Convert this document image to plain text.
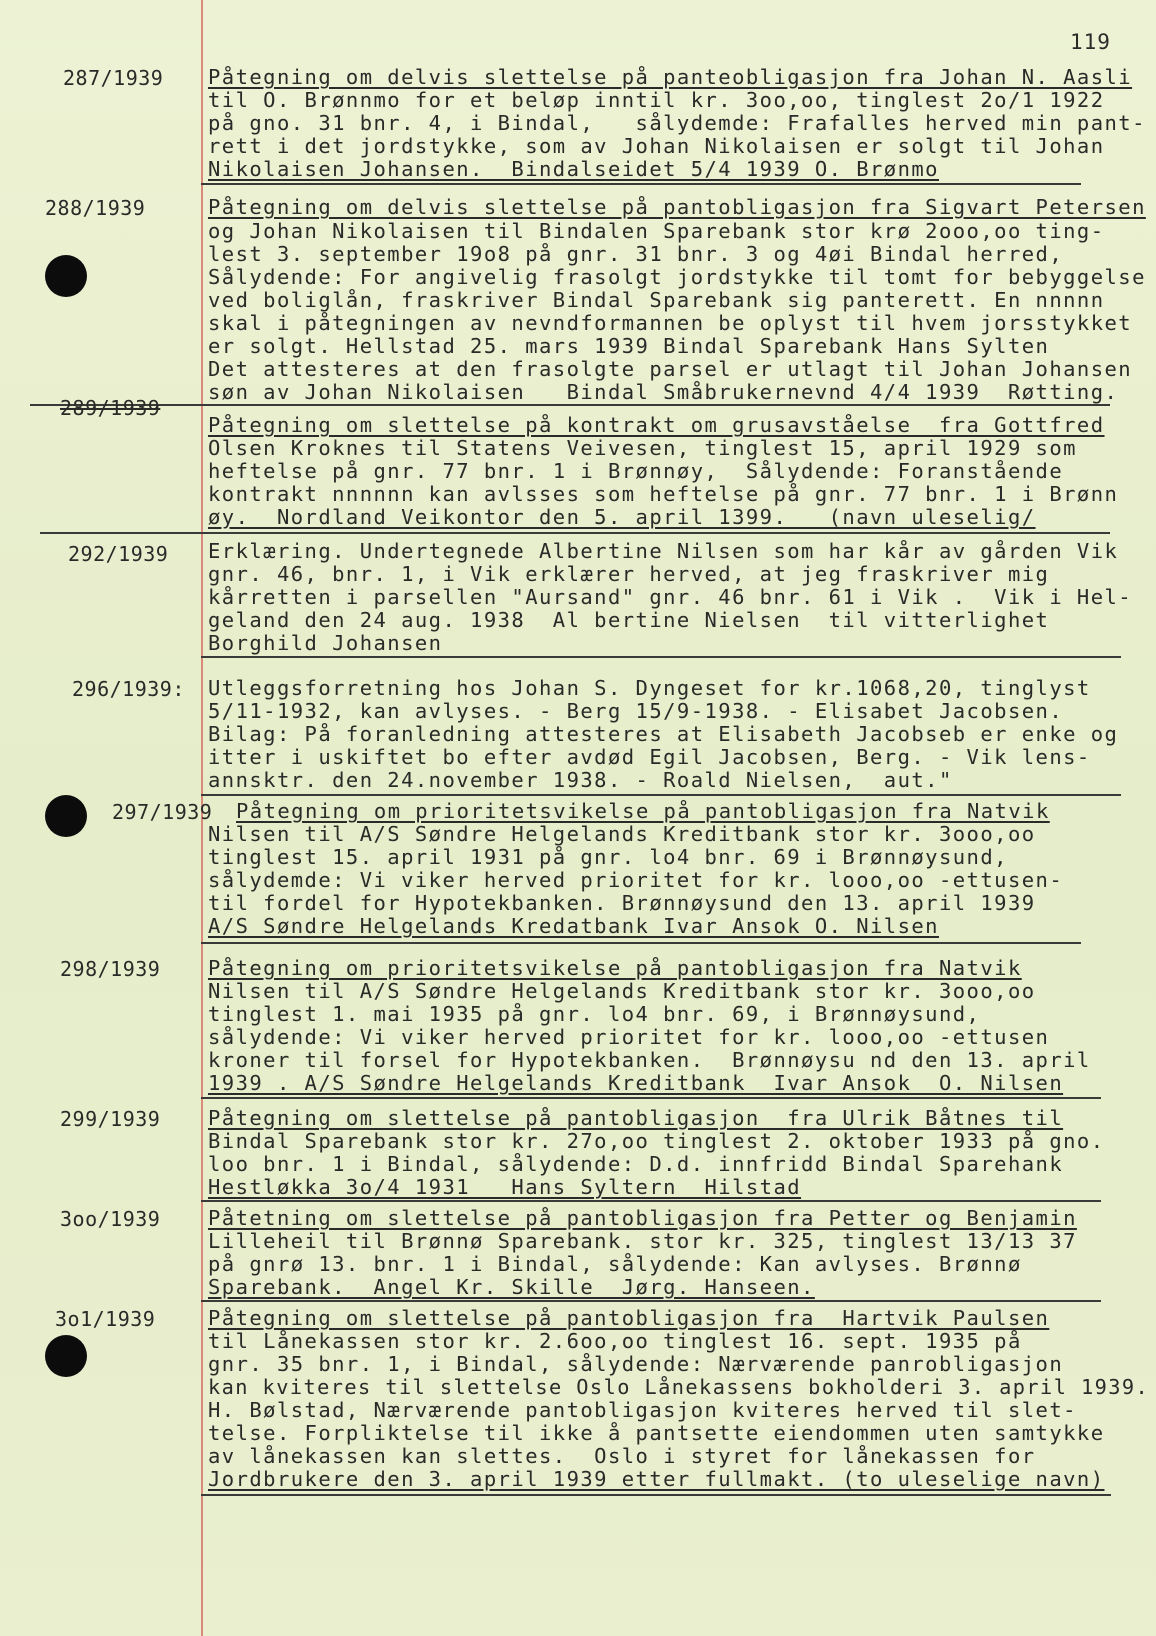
119
287/1939 Påtegning om delvis slettelse på panteobligasjon fra Johan N. Aasli
til O. Brønnmo for et beløp inntil kr. 3oo,oo, tinglest 2o/1 1922
på gno. 31 bnr. 4, i Bindal,   sålydemde: Frafalles herved min pant-
rett i det jordstykke, som av Johan Nikolaisen er solgt til Johan
Nikolaisen Johansen.  Bindalseidet 5/4 1939 O. Brønmo
288/1939	Påtegning om delvis slettelse på pantobligasjon fra Sigvart Petersen
og Johan Nikolaisen til Bindalen Sparebank stor krø 2ooo,oo ting-
lest 3. september 19o8 på gnr. 31 bnr. 3 og 4øi Bindal herred,
Sålydende: For angivelig frasolgt jordstykke til tomt for bebyggelse
ved boliglån, fraskriver Bindal Sparebank sig panterett. En nnnnn
skal i påtegningen av nevndformannen be oplyst til hvem jorsstykket
er solgt. Hellstad 25. mars 1939 Bindal Sparebank Hans Sylten
Det attesteres at den frasolgte parsel er utlagt til Johan Johansen
søn av Johan Nikolaisen   Bindal Småbrukernevnd 4/4 1939  Røtting.
289/1939
Påtegning om slettelse på kontrakt om grusavståelse  fra Gottfred
Olsen Kroknes til Statens Veivesen, tinglest 15, april 1929 som
heftelse på gnr. 77 bnr. 1 i Brønnøy,  Sålydende: Foranstående
kontrakt nnnnnn kan avlsses som heftelse på gnr. 77 bnr. 1 i Brønn
øy.  Nordland Veikontor den 5. april 1399.   (navn uleselig/
292/1939 Erklæring. Undertegnede Albertine Nilsen som har kår av gården Vik
gnr. 46, bnr. 1, i Vik erklærer herved, at jeg fraskriver mig
kårretten i parsellen "Aursand" gnr. 46 bnr. 61 i Vik .  Vik i Hel-
geland den 24 aug. 1938  Al bertine Nielsen  til vitterlighet
Borghild Johansen
296/1939: Utleggsforretning hos Johan S. Dyngeset for kr.1068,20, tinglyst
5/11-1932, kan avlyses. - Berg 15/9-1938. - Elisabet Jacobsen.
Bilag: På foranledning attesteres at Elisabeth Jacobseb er enke og
itter i uskiftet bo efter avdød Egil Jacobsen, Berg. - Vik lens-
annsktr. den 24.november 1938. - Roald Nielsen,  aut."
297/1939 Påtegning om prioritetsvikelse på pantobligasjon fra Natvik
Nilsen til A/S Søndre Helgelands Kreditbank stor kr. 3ooo,oo
tinglest 15. april 1931 på gnr. lo4 bnr. 69 i Brønnøysund,
sålydemde: Vi viker herved prioritet for kr. looo,oo -ettusen-
til fordel for Hypotekbanken. Brønnøysund den 13. april 1939
A/S Søndre Helgelands Kredatbank Ivar Ansok O. Nilsen
298/1939 Påtegning om prioritetsvikelse på pantobligasjon fra Natvik
Nilsen til A/S Søndre Helgelands Kreditbank stor kr. 3ooo,oo
tinglest 1. mai 1935 på gnr. lo4 bnr. 69, i Brønnøysund,
sålydende: Vi viker herved prioritet for kr. looo,oo -ettusen
kroner til forsel for Hypotekbanken.  Brønnøysu nd den 13. april
1939 . A/S Søndre Helgelands Kreditbank  Ivar Ansok  O. Nilsen
299/1939 Påtegning om slettelse på pantobligasjon  fra Ulrik Båtnes til
Bindal Sparebank stor kr. 27o,oo tinglest 2. oktober 1933 på gno.
loo bnr. 1 i Bindal, sålydende: D.d. innfridd Bindal Sparehank
Hestløkka 3o/4 1931   Hans Syltern  Hilstad
3oo/1939 Påtetning om slettelse på pantobligasjon fra Petter og Benjamin
Lilleheil til Brønnø Sparebank. stor kr. 325, tinglest 13/13 37
på gnrø 13. bnr. 1 i Bindal, sålydende: Kan avlyses. Brønnø
Sparebank.  Angel Kr. Skille  Jørg. Hanseen.
3o1/1939	Påtegning om slettelse på pantobligasjon fra  Hartvik Paulsen
til Lånekassen stor kr. 2.6oo,oo tinglest 16. sept. 1935 på
gnr. 35 bnr. 1, i Bindal, sålydende: Nærværende panrobligasjon
kan kviteres til slettelse Oslo Lånekassens bokholderi 3. april 1939.
H. Bølstad, Nærværende pantobligasjon kviteres herved til slet-
telse. Forpliktelse til ikke å pantsette eiendommen uten samtykke
av lånekassen kan slettes.  Oslo i styret for lånekassen for
Jordbrukere den 3. april 1939 etter fullmakt. (to uleselige navn)
